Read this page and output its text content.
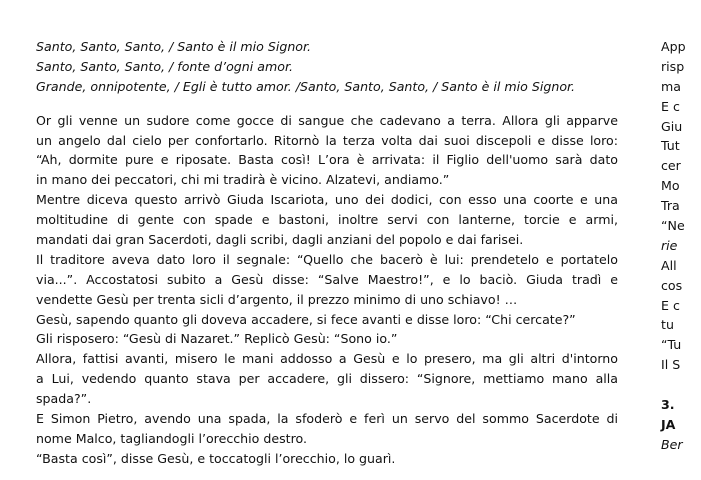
Santo, Santo, Santo, / Santo è il mio Signor.
Santo, Santo, Santo, / fonte d’ogni amor.
Grande, onnipotente, / Egli è tutto amor. /Santo, Santo, Santo, / Santo è il mio Signor.
Or gli venne un sudore come gocce di sangue che cadevano a terra. Allora gli apparve
un angelo dal cielo per confortarlo. Ritornò la terza volta dai suoi discepoli e disse loro:
“Ah, dormite pure e riposate. Basta così! L’ora è arrivata: il Figlio dell'uomo sarà dato
in mano dei peccatori, chi mi tradirà è vicino. Alzatevi, andiamo.”
Mentre diceva questo arrivò Giuda Iscariota, uno dei dodici, con esso una coorte e una
moltitudine di gente con spade e bastoni, inoltre servi con lanterne, torcie e armi,
mandati dai gran Sacerdoti, dagli scribi, dagli anziani del popolo e dai farisei.
Il traditore aveva dato loro il segnale: “Quello che bacerò è lui: prendetelo e portatelo
via...”. Accostatosi subito a Gesù disse: “Salve Maestro!”, e lo baciò. Giuda tradì e
vendette Gesù per trenta sicli d’argento, il prezzo minimo di uno schiavo! …
Gesù, sapendo quanto gli doveva accadere, si fece avanti e disse loro: “Chi cercate?”
Gli risposero: “Gesù di Nazaret.” Replicò Gesù: “Sono io.”
Allora, fattisi avanti, misero le mani addosso a Gesù e lo presero, ma gli altri d'intorno
a Lui, vedendo quanto stava per accadere, gli dissero: “Signore, mettiamo mano alla
spada?”.
E Simon Pietro, avendo una spada, la sfoderò e ferì un servo del sommo Sacerdote di
nome Malco, tagliandogli l’orecchio destro.
“Basta così”, disse Gesù, e toccatogli l’orecchio, lo guarì.
App
risp
ma
E c
Giu
Tut
cer
Mo
Tra
“Ne
rie
All
cos
E c
tu
“Tu
Il S
3.
JA
Ber
